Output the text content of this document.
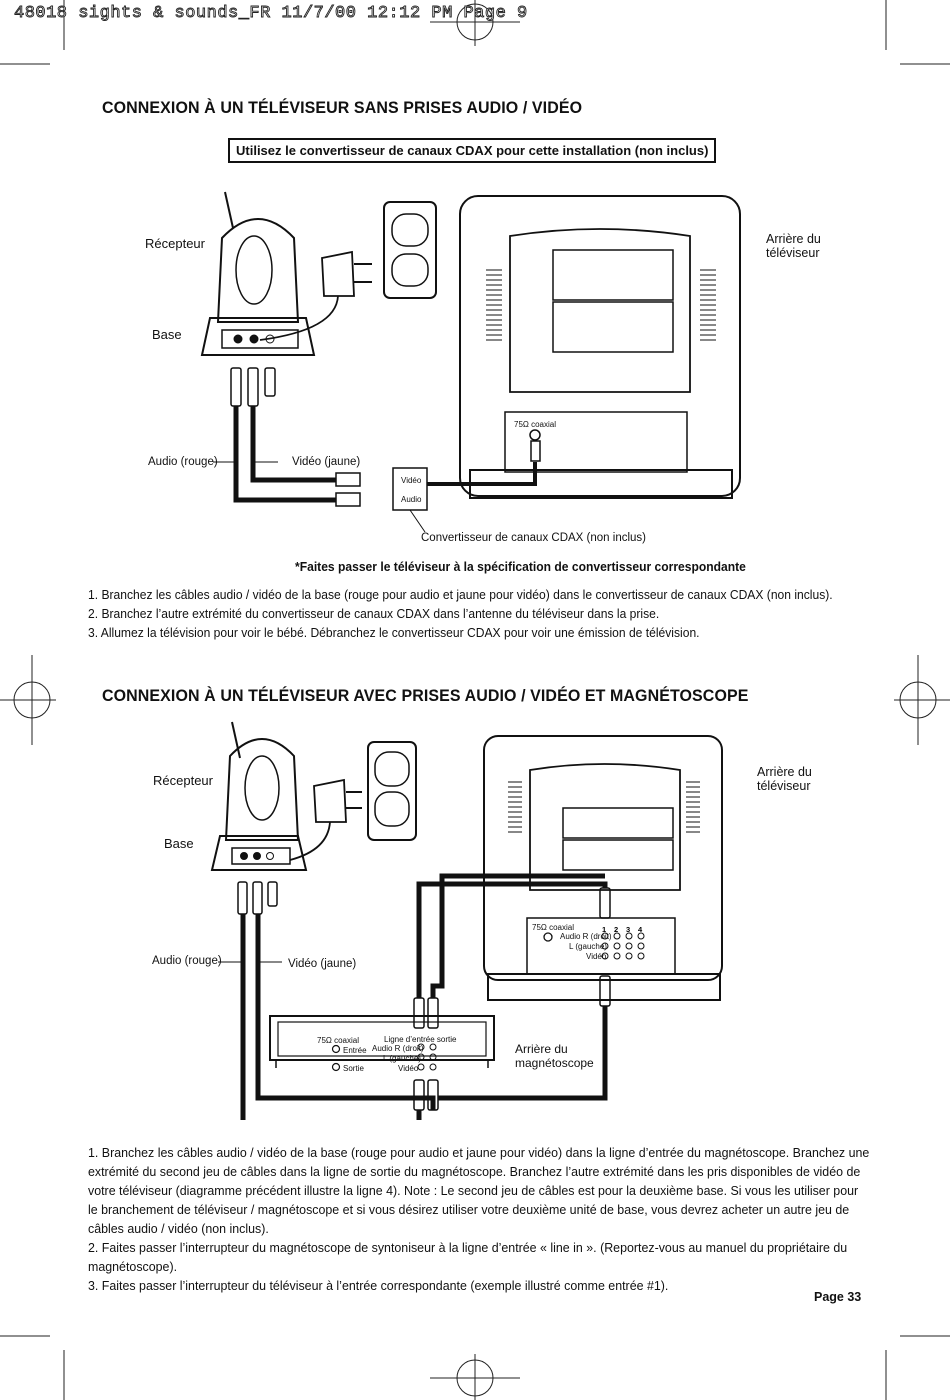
48018 sights & sounds_FR 11/7/00 12:12 PM Page 9
CONNEXION À UN TÉLÉVISEUR SANS PRISES AUDIO / VIDÉO
Utilisez le convertisseur de canaux CDAX pour cette installation (non inclus)
Récepteur
Base
Arrière du téléviseur
Audio (rouge)	Vidéo (jaune)
Vidéo
Audio
75Ω coaxial
Convertisseur de canaux CDAX (non inclus)
*Faites passer le téléviseur à la spécification de convertisseur correspondante
1. Branchez les câbles audio / vidéo de la base (rouge pour audio et jaune pour vidéo) dans le convertisseur de canaux CDAX (non inclus).
2. Branchez l’autre extrémité du convertisseur de canaux CDAX dans l’antenne du téléviseur dans la prise.
3. Allumez la télévision pour voir le bébé. Débranchez le convertisseur CDAX pour voir une émission de télévision.
CONNEXION À UN TÉLÉVISEUR AVEC PRISES AUDIO / VIDÉO ET MAGNÉTOSCOPE
1 2 3 4
Récepteur
Base
Arrière du téléviseur
Audio (rouge)	Vidéo (jaune)
Arrière du magnétoscope
75Ω coaxial
Audio R (droit)
L (gauche)
Vidéo
75Ω coaxial
Entrée
Sortie
Ligne d’entrée sortie
Audio R (droit)
L (gauche)
Vidéo
1. Branchez les câbles audio / vidéo de la base (rouge pour audio et jaune pour vidéo) dans la ligne d’entrée du magnétoscope. Branchez une extrémité du second jeu de câbles dans la ligne de sortie du magnétoscope. Branchez l’autre extrémité dans les pris disponibles de vidéo de votre téléviseur (diagramme précédent illustre la ligne 4). Note : Le second jeu de câbles est pour la deuxième base. Si vous les utiliser pour le branchement de téléviseur / magnétoscope et si vous désirez utiliser votre deuxième unité de base, vous devrez acheter un autre jeu de câbles audio / vidéo (non inclus).
2. Faites passer l’interrupteur du magnétoscope de syntoniseur à la ligne d’entrée « line in ». (Reportez-vous au manuel du propriétaire du magnétoscope).
3. Faites passer l’interrupteur du téléviseur à l’entrée correspondante (exemple illustré comme entrée #1).
Page 33
